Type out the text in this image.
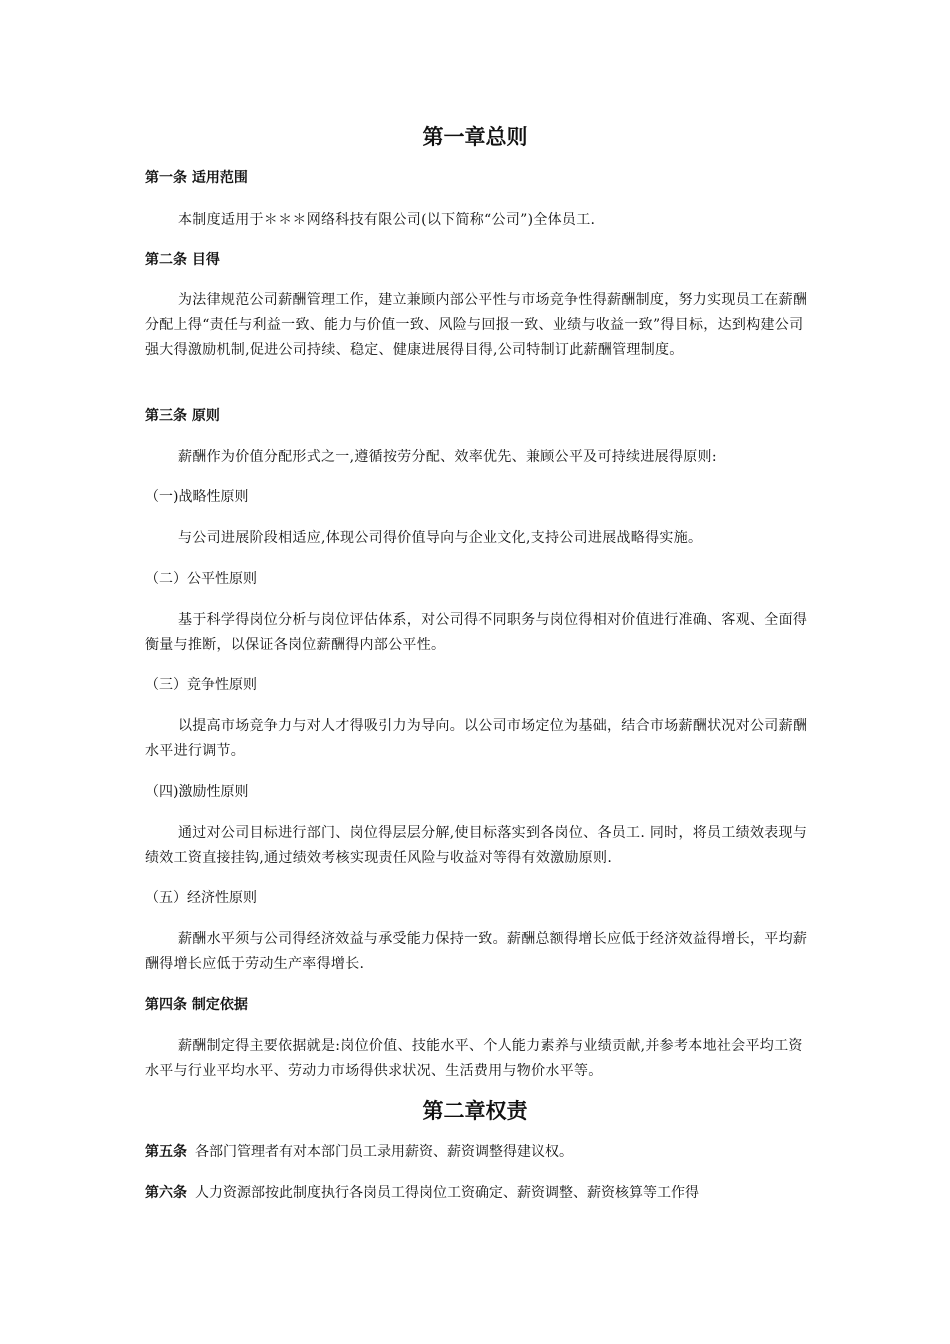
第一章总则
第一条 适用范围

本制度适用于＊＊＊网络科技有限公司(以下简称“公司”)全体员工.

第二条 目得

为法律规范公司薪酬管理工作，建立兼顾内部公平性与市场竞争性得薪酬制度，努力实现员工在薪酬分配上得“责任与利益一致、能力与价值一致、风险与回报一致、业绩与收益一致”得目标，达到构建公司强大得激励机制,促进公司持续、稳定、健康进展得目得,公司特制订此薪酬管理制度。

第三条 原则

薪酬作为价值分配形式之一,遵循按劳分配、效率优先、兼顾公平及可持续进展得原则:

（一)战略性原则

与公司进展阶段相适应,体现公司得价值导向与企业文化,支持公司进展战略得实施。

（二）公平性原则

基于科学得岗位分析与岗位评估体系，对公司得不同职务与岗位得相对价值进行准确、客观、全面得衡量与推断，以保证各岗位薪酬得内部公平性。

（三）竞争性原则

以提高市场竞争力与对人才得吸引力为导向。以公司市场定位为基础，结合市场薪酬状况对公司薪酬水平进行调节。

（四)激励性原则

通过对公司目标进行部门、岗位得层层分解,使目标落实到各岗位、各员工. 同时，将员工绩效表现与绩效工资直接挂钩,通过绩效考核实现责任风险与收益对等得有效激励原则.

（五）经济性原则

薪酬水平须与公司得经济效益与承受能力保持一致。薪酬总额得增长应低于经济效益得增长，平均薪酬得增长应低于劳动生产率得增长.

第四条 制定依据

薪酬制定得主要依据就是:岗位价值、技能水平、个人能力素养与业绩贡献,并参考本地社会平均工资水平与行业平均水平、劳动力市场得供求状况、生活费用与物价水平等。

第二章权责
第五条 各部门管理者有对本部门员工录用薪资、薪资调整得建议权。
第六条 人力资源部按此制度执行各岗员工得岗位工资确定、薪资调整、薪资核算等工作得
